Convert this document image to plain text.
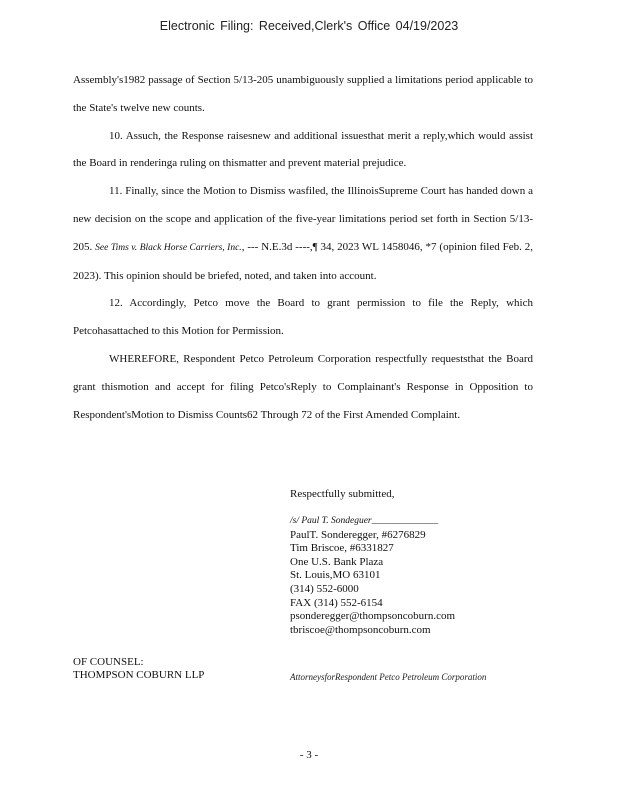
Electronic Filing: Received,Clerk's Office 04/19/2023

Assembly's1982 passage of Section 5/13-205 unambiguously supplied a limitations period applicable to the State's twelve new counts.

10. Assuch, the Response raisesnew and additional issuesthat merit a reply,which would assist the Board in renderinga ruling on thismatter and prevent material prejudice.

11. Finally, since the Motion to Dismiss wasfiled, the IllinoisSupreme Court has handed down a new decision on the scope and application of the five-year limitations period set forth in Section 5/13-205. See Tims v. Black Horse Carriers, Inc., --- N.E.3d ----,¶ 34, 2023 WL 1458046, *7 (opinion filed Feb. 2, 2023). This opinion should be briefed, noted, and taken into account.

12. Accordingly, Petco move the Board to grant permission to file the Reply, which Petcohasattached to this Motion for Permission.

WHEREFORE, Respondent Petco Petroleum Corporation respectfully requeststhat the Board grant thismotion and accept for filing Petco'sReply to Complainant's Response in Opposition to Respondent'sMotion to Dismiss Counts62 Through 72 of the First Amended Complaint.

Respectfully submitted,
/s/ Paul T. Sondeguer______________
PaulT. Sonderegger, #6276829
Tim Briscoe, #6331827
One U.S. Bank Plaza
St. Louis,MO 63101
(314) 552-6000
FAX (314) 552-6154
psonderegger@thompsoncoburn.com
tbriscoe@thompsoncoburn.com
OF COUNSEL:
THOMPSON COBURN LLP	AttorneysforRespondent Petco Petroleum Corporation
- 3 -
